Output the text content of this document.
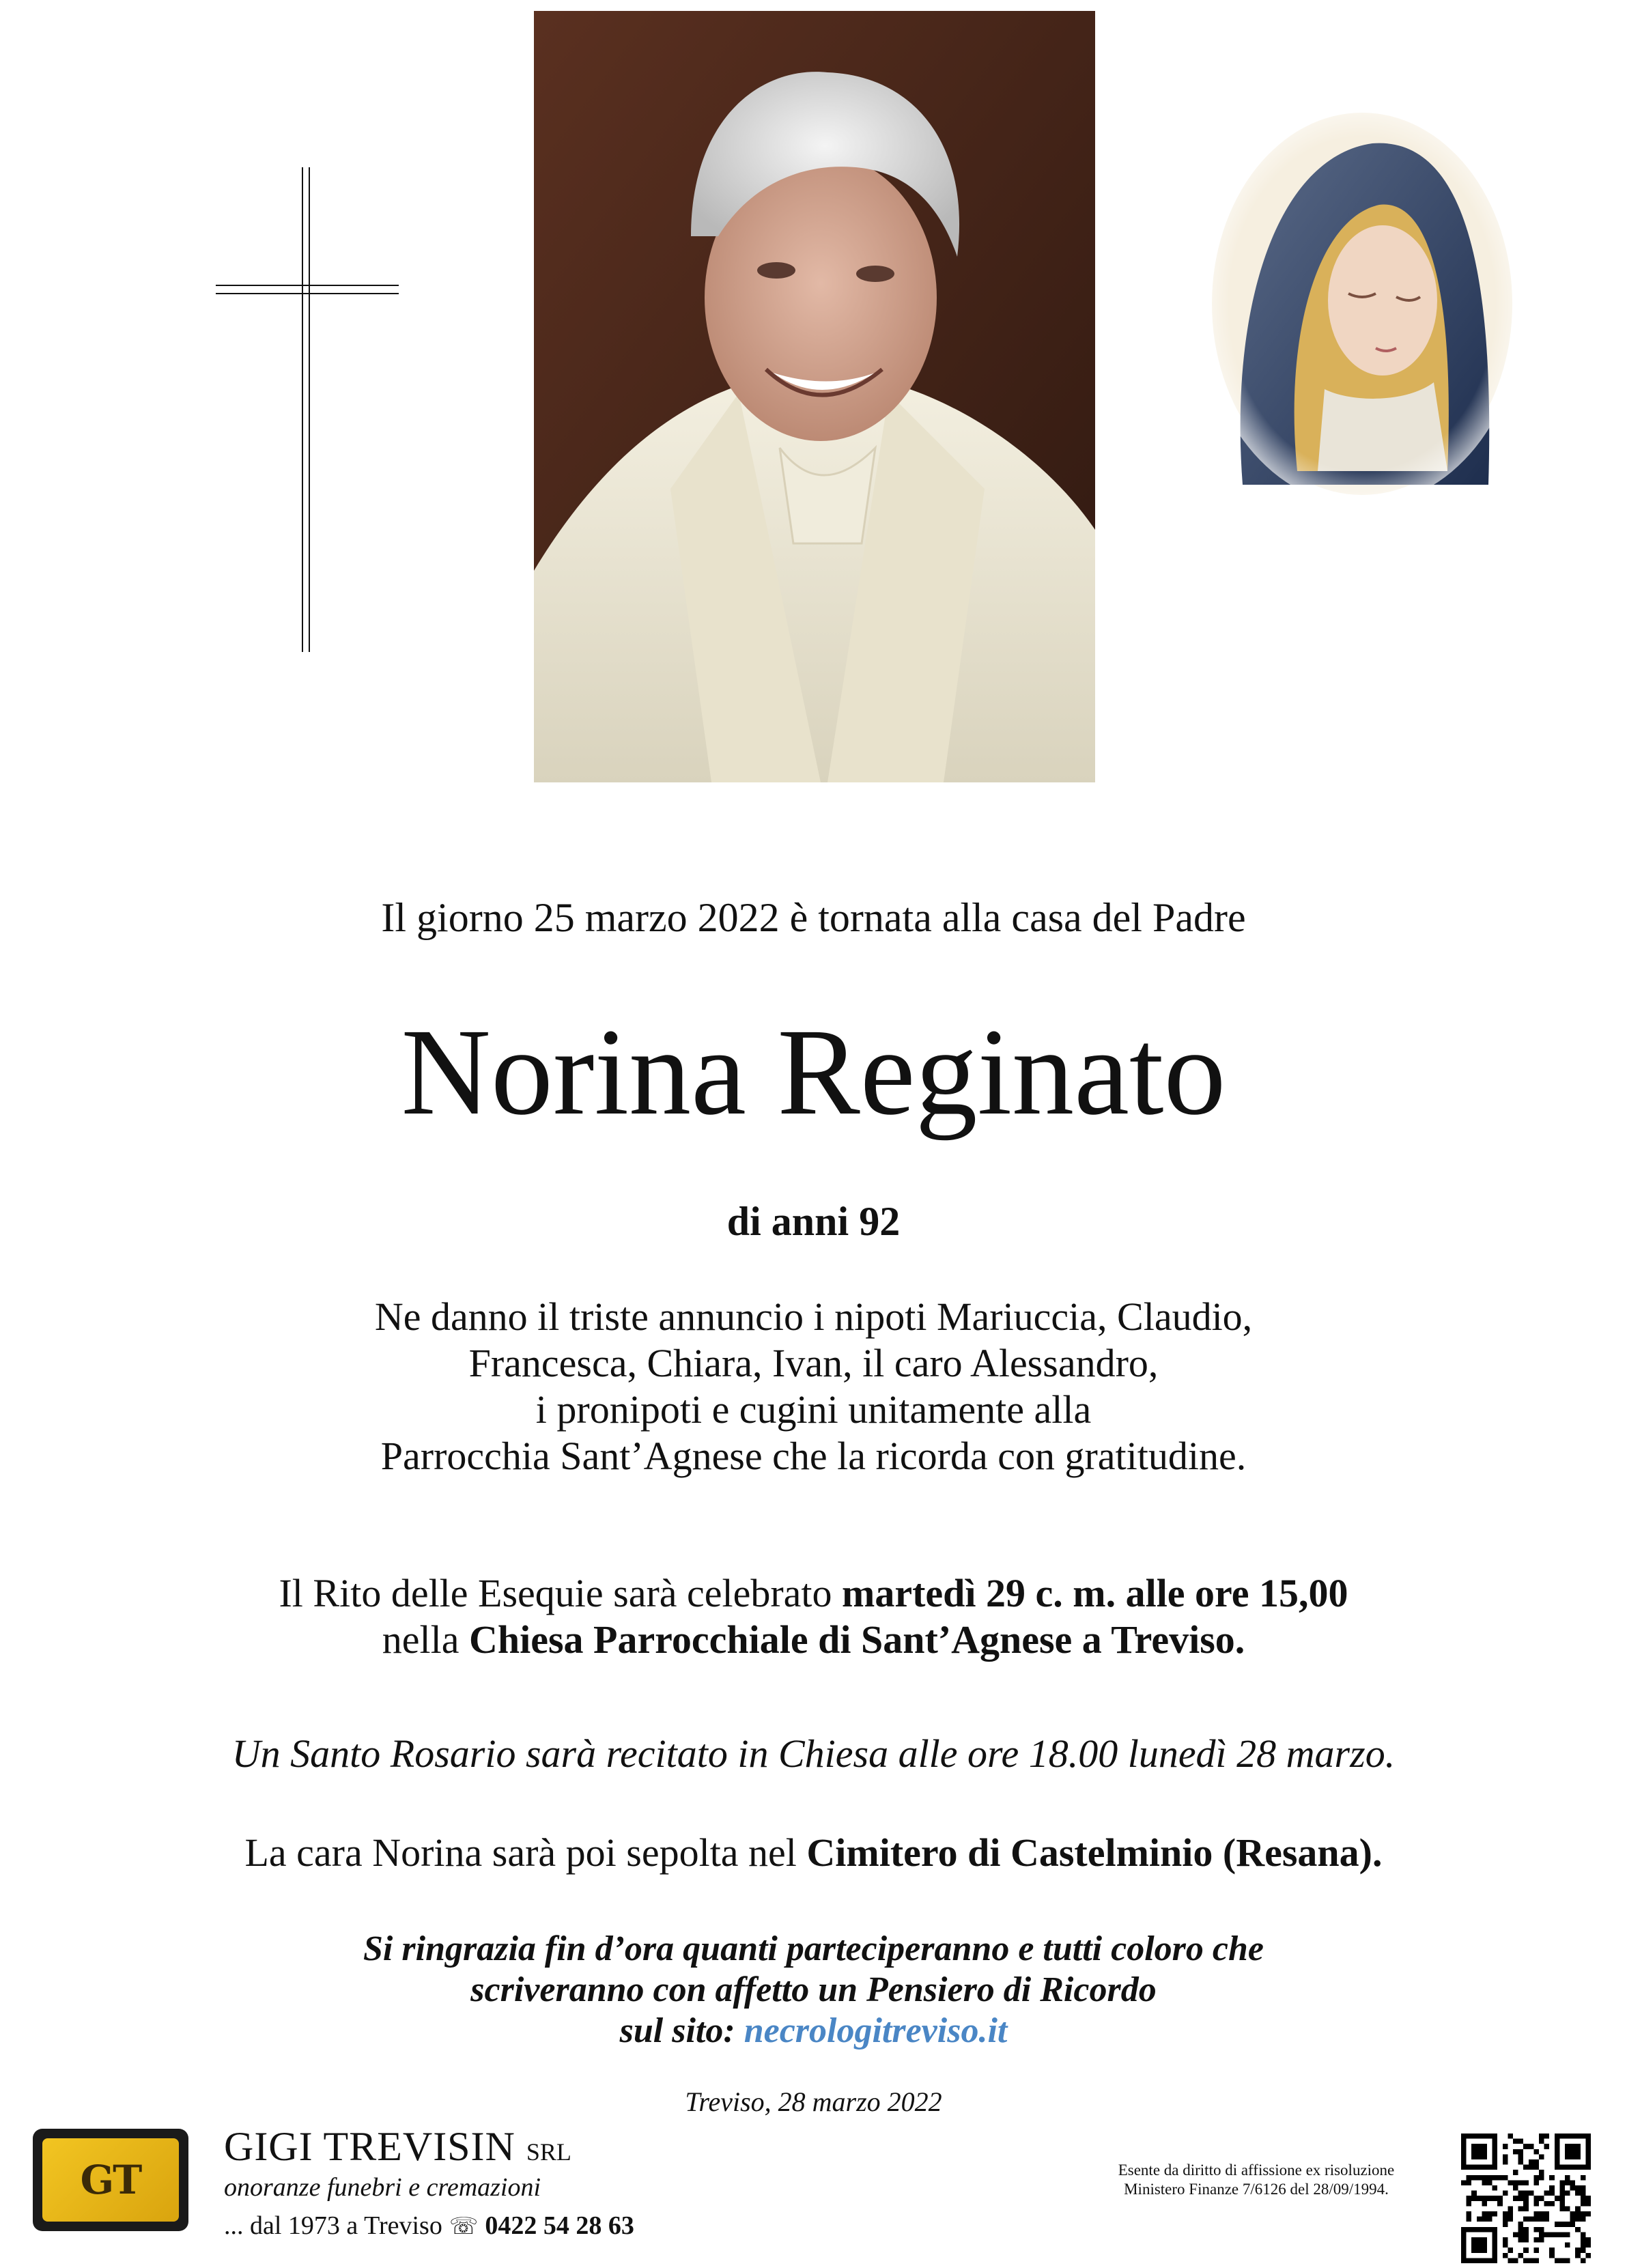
Il giorno 25 marzo 2022 è tornata alla casa del Padre
Norina Reginato
di anni 92
Ne danno il triste annuncio i nipoti Mariuccia, Claudio,
Francesca, Chiara, Ivan, il caro Alessandro,
i pronipoti e cugini unitamente alla
Parrocchia Sant’Agnese che la ricorda con gratitudine.
Il Rito delle Esequie sarà celebrato martedì 29 c. m. alle ore 15,00
nella Chiesa Parrocchiale di Sant’Agnese a Treviso.
Un Santo Rosario sarà recitato in Chiesa alle ore 18.00 lunedì 28 marzo.
La cara Norina sarà poi sepolta nel Cimitero di Castelminio (Resana).
Si ringrazia fin d’ora quanti parteciperanno e tutti coloro che
scriveranno con affetto un Pensiero di Ricordo
sul sito: necrologitreviso.it
Treviso, 28 marzo 2022
GT
GIGI TREVISIN SRL
onoranze funebri e cremazioni
... dal 1973 a Treviso ☏ 0422 54 28 63
Esente da diritto di affissione ex risoluzione
Ministero Finanze 7/6126 del 28/09/1994.
